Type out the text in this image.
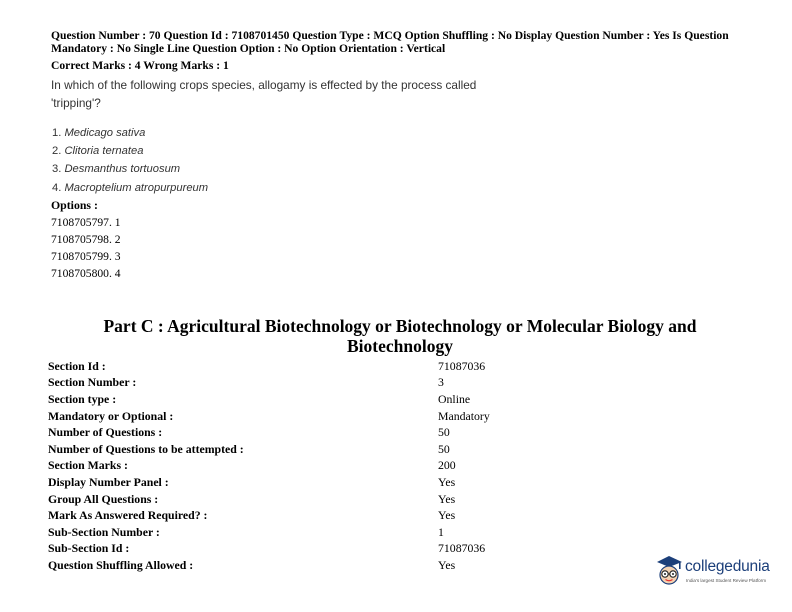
Question Number : 70 Question Id : 7108701450 Question Type : MCQ Option Shuffling : No Display Question Number : Yes Is Question Mandatory : No Single Line Question Option : No Option Orientation : Vertical
Correct Marks : 4 Wrong Marks : 1
In which of the following crops species, allogamy is effected by the process called 'tripping'?
1. Medicago sativa
2. Clitoria ternatea
3. Desmanthus tortuosum
4. Macroptelium atropurpureum
Options :
7108705797. 1
7108705798. 2
7108705799. 3
7108705800. 4
Part C : Agricultural Biotechnology or Biotechnology or Molecular Biology and Biotechnology
Section Id :	71087036
Section Number :	3
Section type :	Online
Mandatory or Optional :	Mandatory
Number of Questions :	50
Number of Questions to be attempted :	50
Section Marks :	200
Display Number Panel :	Yes
Group All Questions :	Yes
Mark As Answered Required? :	Yes
Sub-Section Number :	1
Sub-Section Id :	71087036
Question Shuffling Allowed :	Yes	collegedunia
India's largest Student Review Platform
